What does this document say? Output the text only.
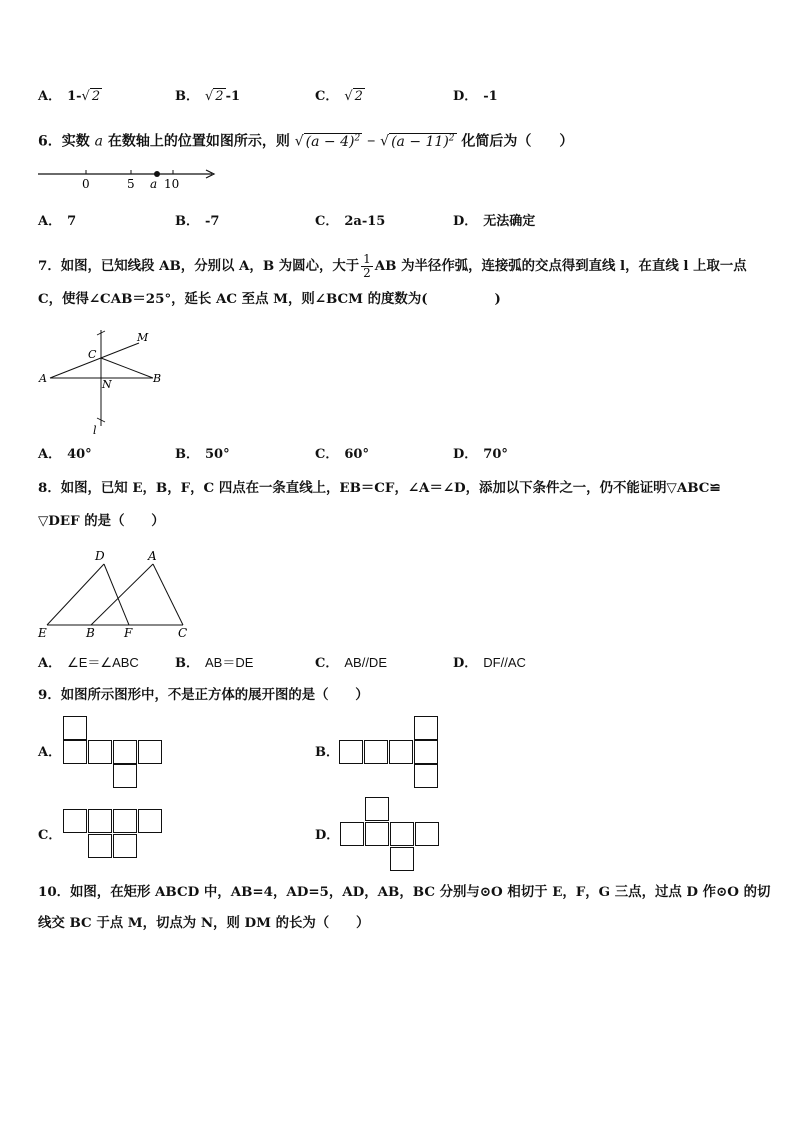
A． 1-√ 2	B． √ 2 -1	C． √ 2	D． -1
6．实数 a 在数轴上的位置如图所示，则 √ $(a - 4)^2$ − √ $(a - 11)^2$ 化简后为（　　）
0	5 a 10
A． 7	B． -7	C． 2a-15	D． 无法确定
7．如图，已知线段 AB，分别以 A，B 为圆心，大于 $\frac{1}{2}$ AB 为半径作弧，连接弧的交点得到直线 l，在直线 l 上取一点
C，使得∠CAB＝25°，延长 AC 至点 M，则∠BCM 的度数为(　　　　　)
M
C
A	N	B
l
A． 40°	B． 50°	C． 60°	D． 70°
8．如图，已知 E，B，F，C 四点在一条直线上，EB＝CF，∠A＝∠D，添加以下条件之一，仍不能证明▽ABC≌
▽DEF 的是（　　）
D	A
E	B F	C
A． ∠E＝∠ABC	B． AB＝DE	C． AB//DE	D． DF//AC
9．如图所示图形中，不是正方体的展开图的是（　　）
A．	B．
C．	D．
10．如图，在矩形 ABCD 中，AB=4，AD=5，AD，AB，BC 分别与⊙O 相切于 E，F，G 三点，过点 D 作⊙O 的切
线交 BC 于点 M，切点为 N，则 DM 的长为（　　）
